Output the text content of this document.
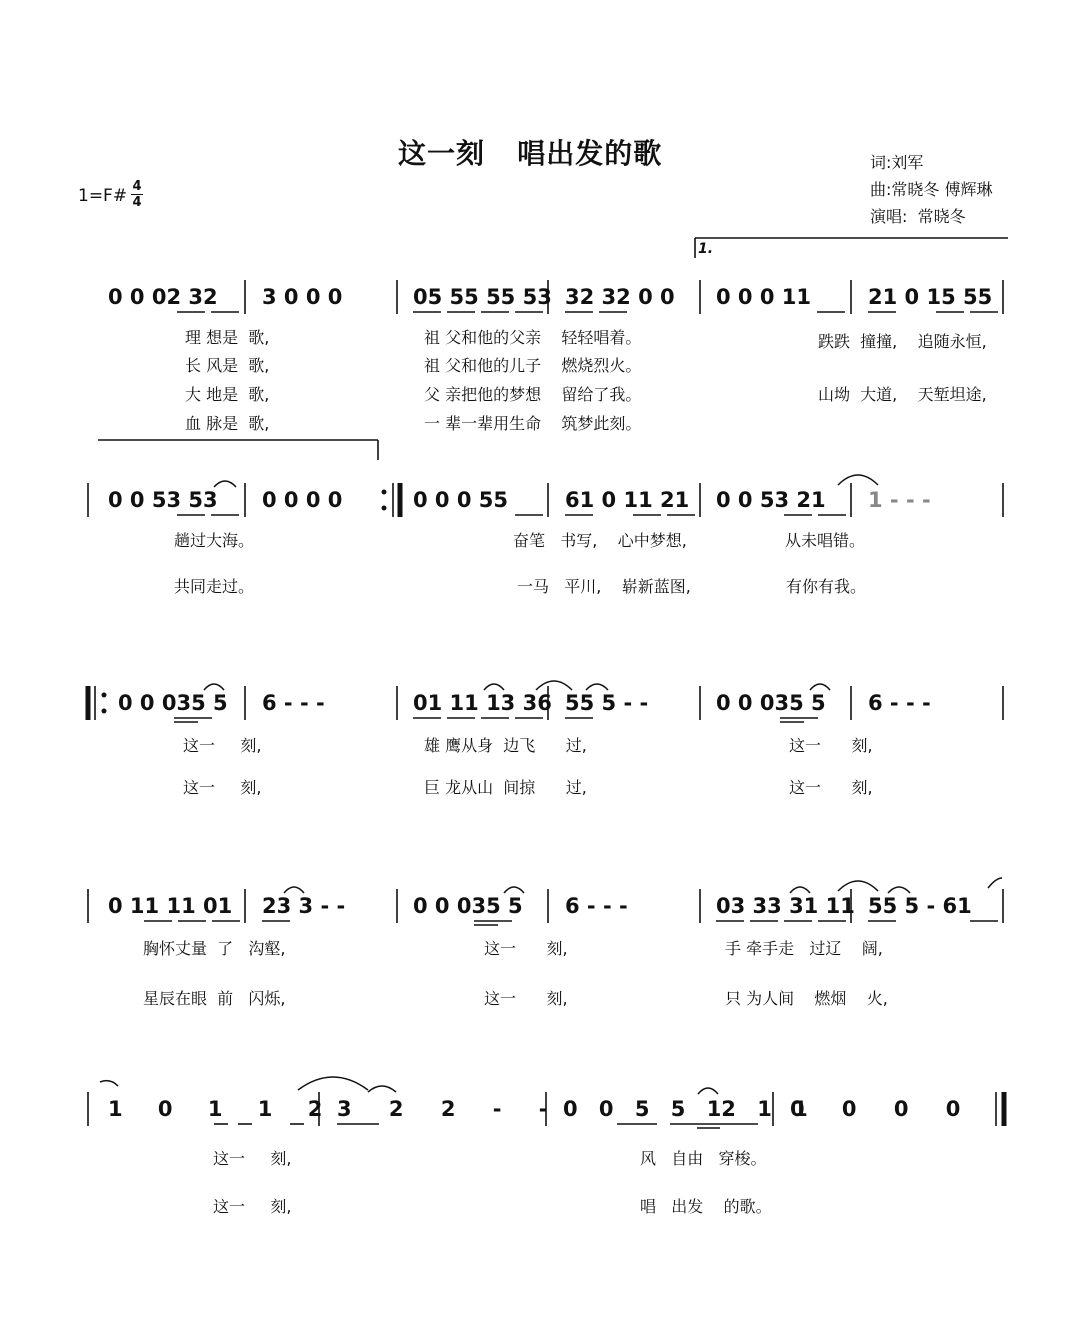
这一刻   唱出发的歌	词:刘军
曲:常晓冬 傅辉琳
演唱:  常晓冬
1=F# 4
4
1.
0 0 02 32 3 0 0 0	05 55 55 53 32 32 0 0 0 0 0 11	21 0 15 55
理 想是  歌,	祖 父和他的父亲    轻轻唱着。	跌跌  撞撞,    追随永恒,
长 风是  歌,	祖 父和他的儿子    燃烧烈火。
大 地是  歌,	父 亲把他的梦想    留给了我。	山坳  大道,    天堑坦途,
血 脉是  歌,	一 辈一辈用生命    筑梦此刻。
0 0 53 53 0 0 0 0	0 0 0 55	61 0 11 21 0 0 53 21 1 - - -
趟过大海。	奋笔   书写,    心中梦想,	从未唱错。
共同走过。	一马   平川,    崭新蓝图,	有你有我。
0 0 035 5 6 - - -	01 11 13 36 55 5 - -	0 0 035 5 6 - - -
这一     刻,	雄 鹰从身  边飞      过,	这一      刻,
这一     刻,	巨 龙从山  间掠      过,	这一      刻,
0 11 11 01 23 3 - -	0 0 035 5 6 - - -	03 33 31 11 55 5 - 61
胸怀丈量  了   沟壑,	这一      刻,	手 牵手走   过辽    阔,
星辰在眼  前   闪烁,	这一      刻,	只 为人间    燃烟    火,
1 0 1 1 2 3 2 2 - - 0 0 5 5 12 1 1
0 0 0 0
这一     刻,	风   自由   穿梭。
这一     刻,	唱   出发    的歌。
